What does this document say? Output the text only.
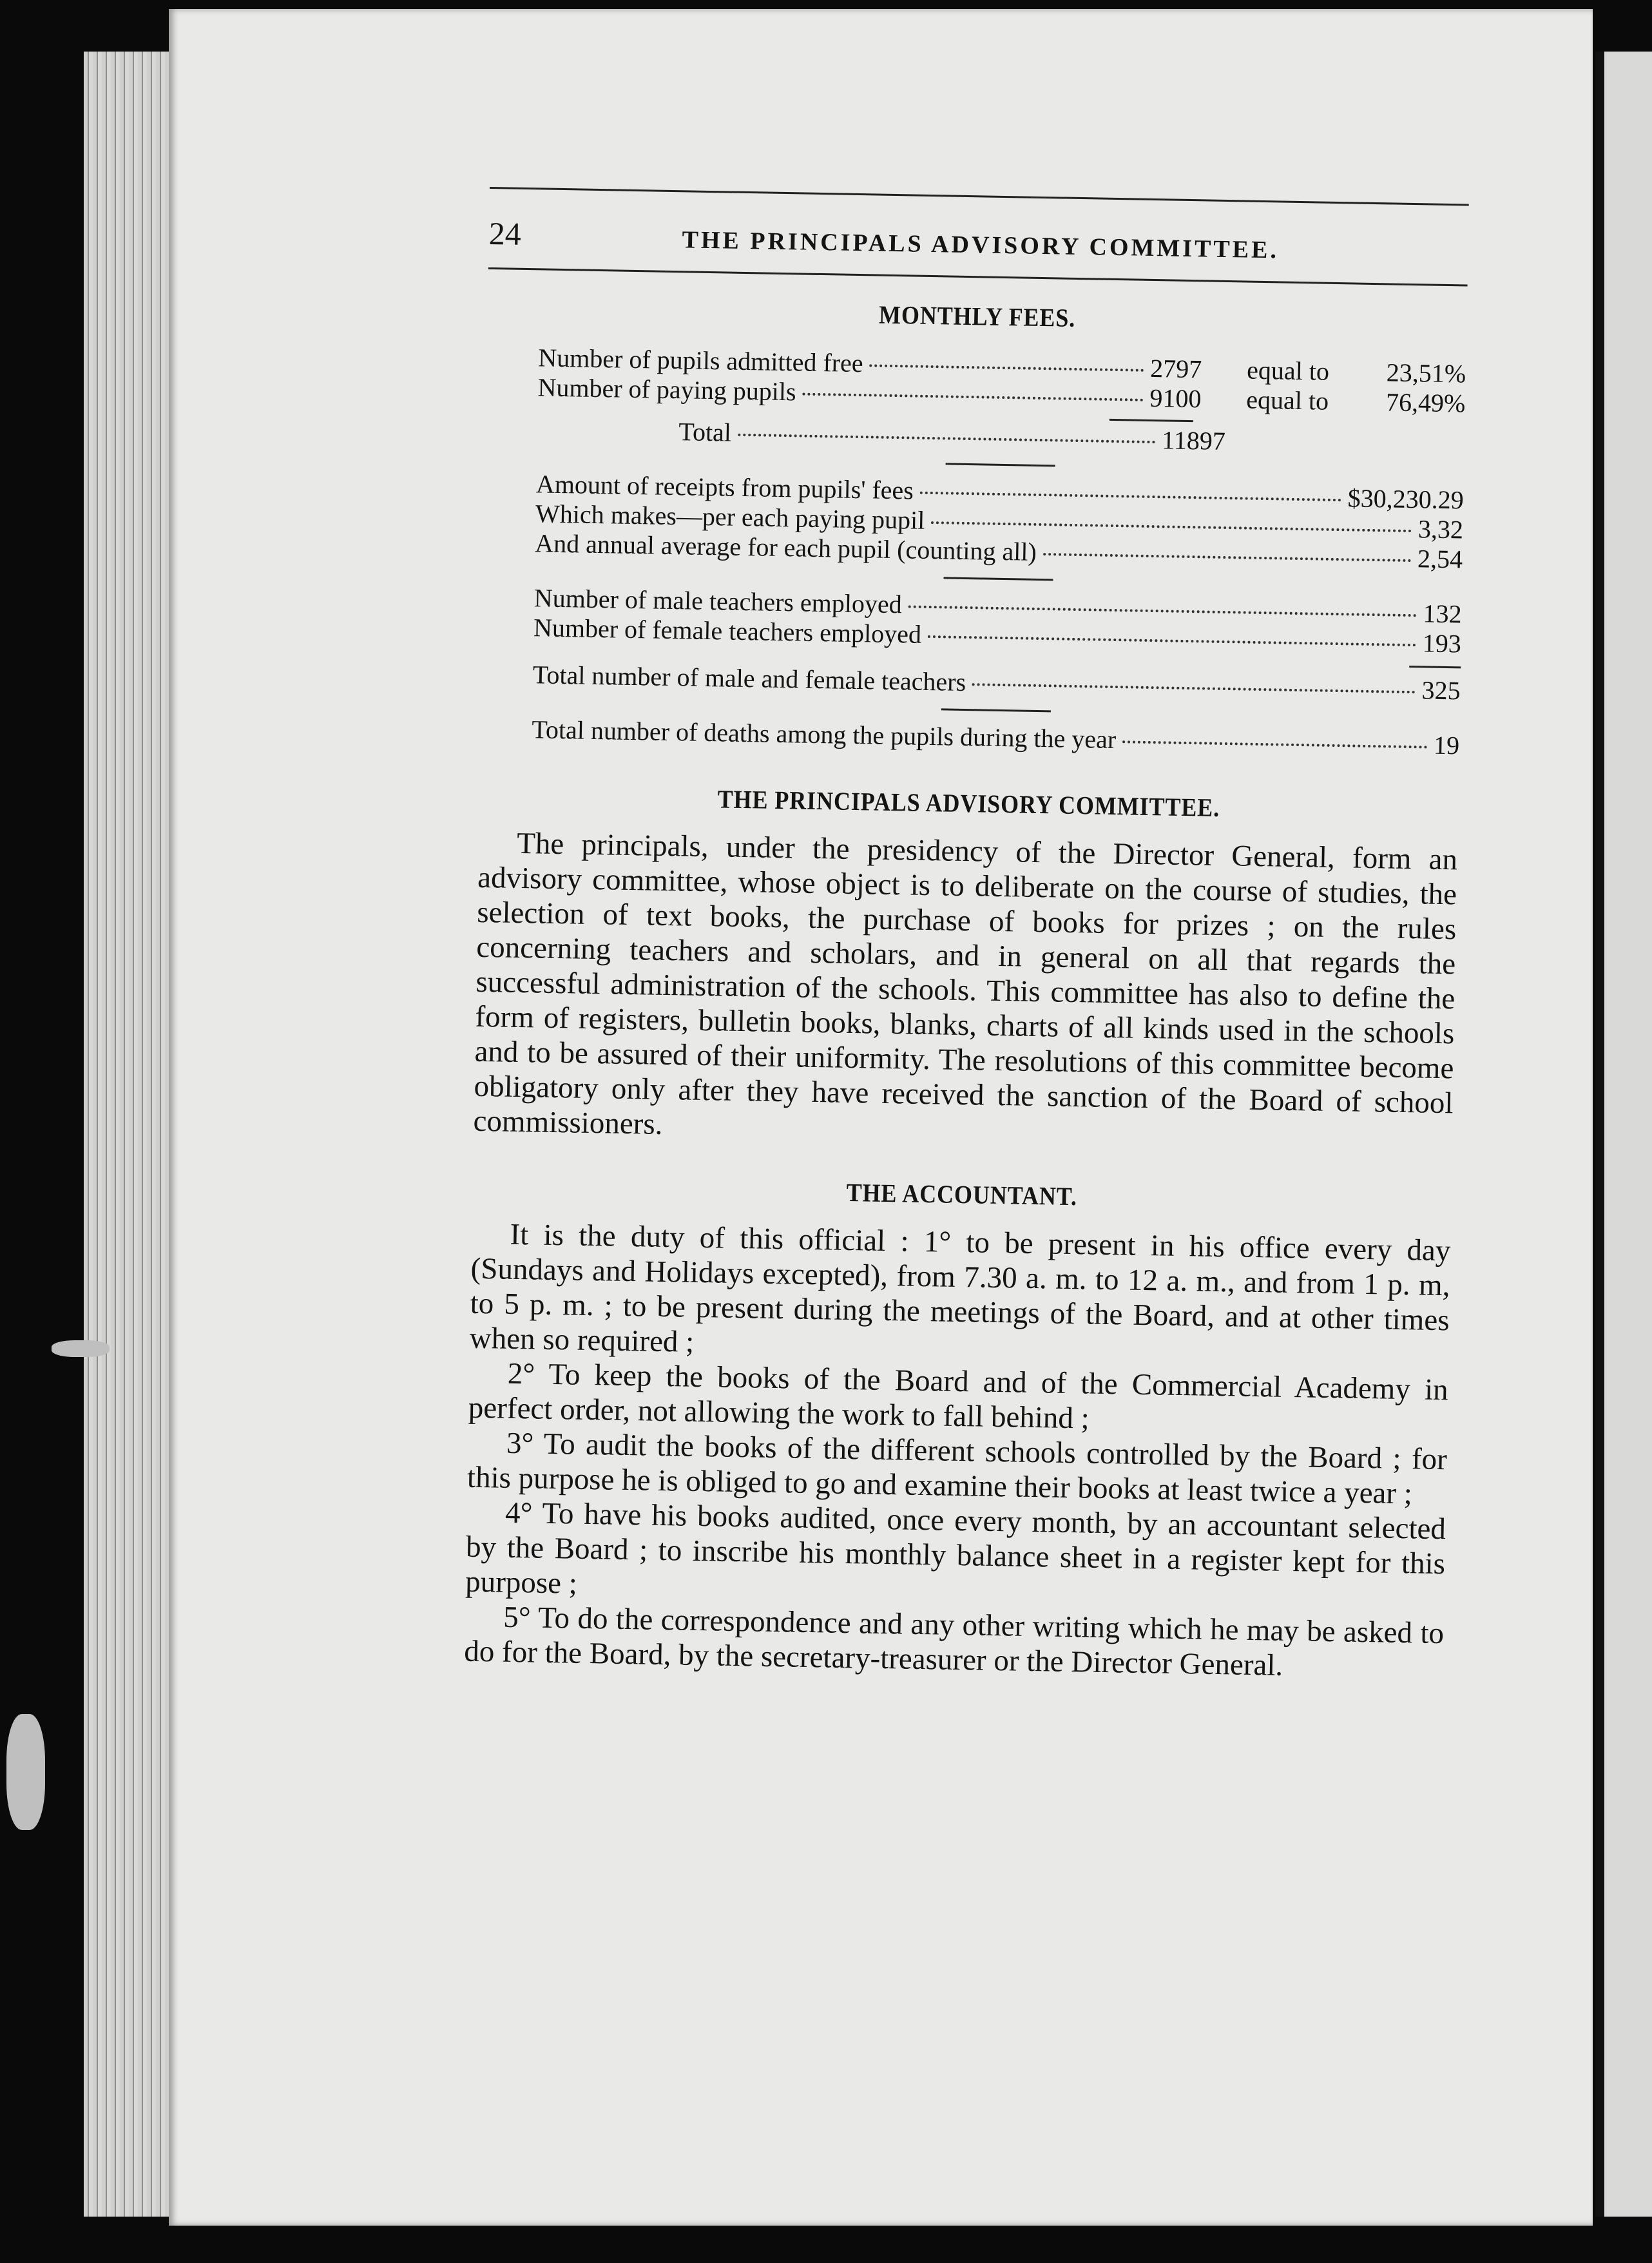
24	THE PRINCIPALS ADVISORY COMMITTEE.
MONTHLY FEES.
Number of pupils admitted free	2797	equal to	23,51%
Number of paying pupils	9100	equal to	76,49%
Total	11897
Amount of receipts from pupils' fees	$30,230.29
Which makes—per each paying pupil	3,32
And annual average for each pupil (counting all)	2,54
Number of male teachers employed	132
Number of female teachers employed	193
Total number of male and female teachers	325
Total number of deaths among the pupils during the year	19
THE PRINCIPALS ADVISORY COMMITTEE.

The principals, under the presidency of the Director General, form an advisory committee, whose object is to deliberate on the course of studies, the selection of text books, the purchase of books for prizes ; on the rules concerning teachers and scholars, and in general on all that regards the successful administration of the schools. This committee has also to define the form of registers, bulletin books, blanks, charts of all kinds used in the schools and to be assured of their uniformity. The resolutions of this committee become obligatory only after they have received the sanction of the Board of school commissioners.

THE ACCOUNTANT.

It is the duty of this official : 1° to be present in his office every day (Sundays and Holidays excepted), from 7.30 a. m. to 12 a. m., and from 1 p. m, to 5 p. m. ; to be present during the meetings of the Board, and at other times when so required ;

2° To keep the books of the Board and of the Commercial Academy in perfect order, not allowing the work to fall behind ;

3° To audit the books of the different schools controlled by the Board ; for this purpose he is obliged to go and examine their books at least twice a year ;

4° To have his books audited, once every month, by an accountant selected by the Board ; to inscribe his monthly balance sheet in a register kept for this purpose ;

5° To do the correspondence and any other writing which he may be asked to do for the Board, by the secretary-treasurer or the Director General.
